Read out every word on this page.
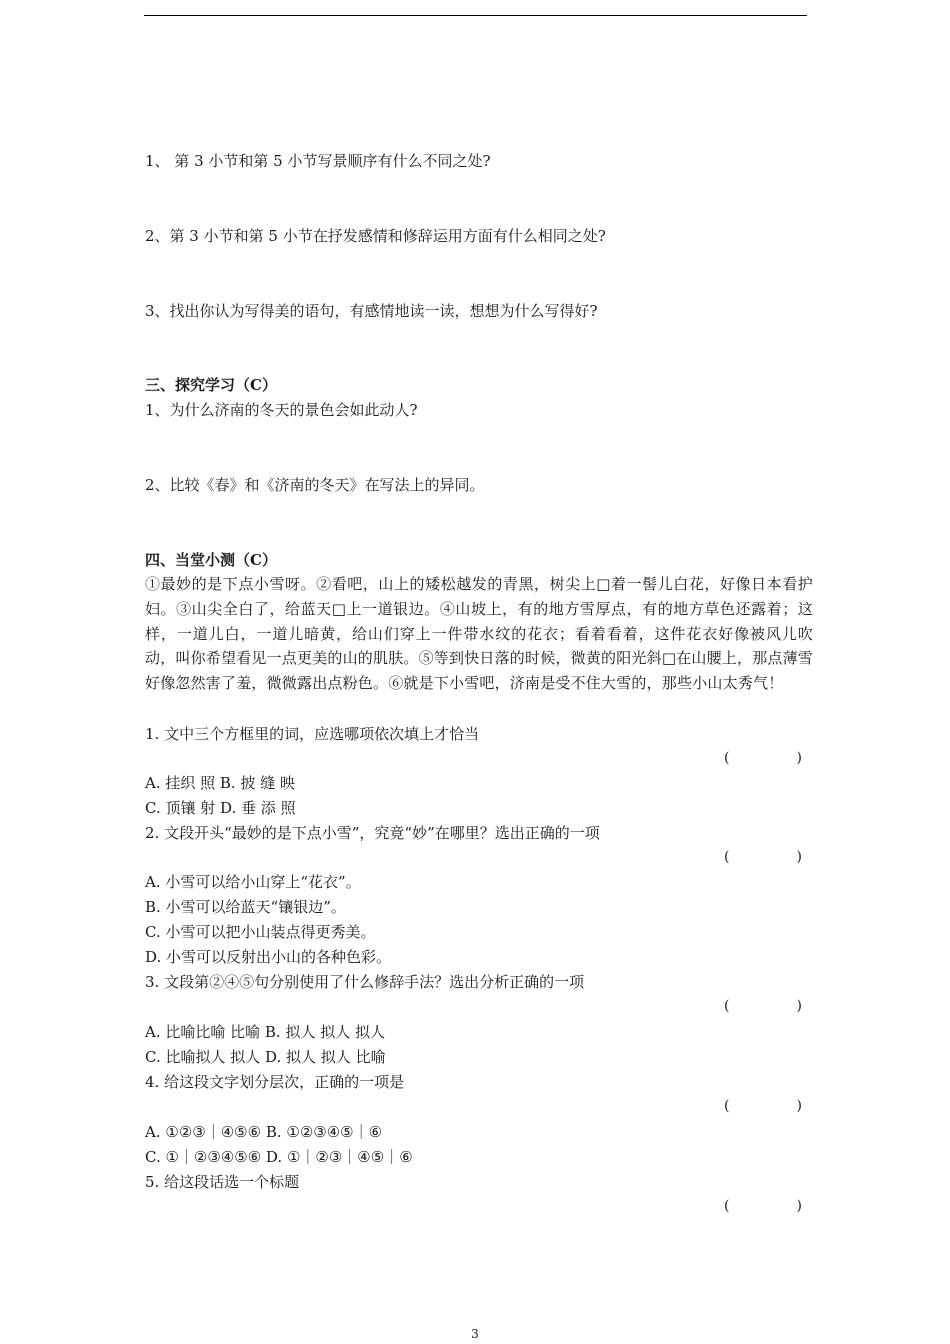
1、 第 3 小节和第 5 小节写景顺序有什么不同之处?
2、第 3 小节和第 5 小节在抒发感情和修辞运用方面有什么相同之处?
3、找出你认为写得美的语句，有感情地读一读，想想为什么写得好?
三、探究学习（C）
1、为什么济南的冬天的景色会如此动人?
2、比较《春》和《济南的冬天》在写法上的异同。
四、当堂小测（C）
①最妙的是下点小雪呀。②看吧，山上的矮松越发的青黑，树尖上□着一髻儿白花，好像日本看护妇。③山尖全白了，给蓝天□上一道银边。④山坡上，有的地方雪厚点，有的地方草色还露着；这样，一道儿白，一道儿暗黄，给山们穿上一件带水纹的花衣；看着看着，这件花衣好像被风儿吹动，叫你希望看见一点更美的山的肌肤。⑤等到快日落的时候，微黄的阳光斜□在山腰上，那点薄雪好像忽然害了羞，微微露出点粉色。⑥就是下小雪吧，济南是受不住大雪的，那些小山太秀气！
1. 文中三个方框里的词，应选哪项依次填上才恰当
(	)
A. 挂织 照 B. 披 缝 映
C. 顶镶 射 D. 垂 添 照
2. 文段开头“最妙的是下点小雪”，究竟“妙”在哪里？选出正确的一项
(	)
A. 小雪可以给小山穿上“花衣”。
B. 小雪可以给蓝天“镶银边”。
C. 小雪可以把小山装点得更秀美。
D. 小雪可以反射出小山的各种色彩。
3. 文段第②④⑤句分别使用了什么修辞手法？选出分析正确的一项
(	)
A. 比喻比喻 比喻 B. 拟人 拟人 拟人
C. 比喻拟人 拟人 D. 拟人 拟人 比喻
4. 给这段文字划分层次，正确的一项是
(	)
A. ①②③｜④⑤⑥ B. ①②③④⑤｜⑥
C. ①｜②③④⑤⑥ D. ①｜②③｜④⑤｜⑥
5. 给这段话选一个标题
(	)
3
